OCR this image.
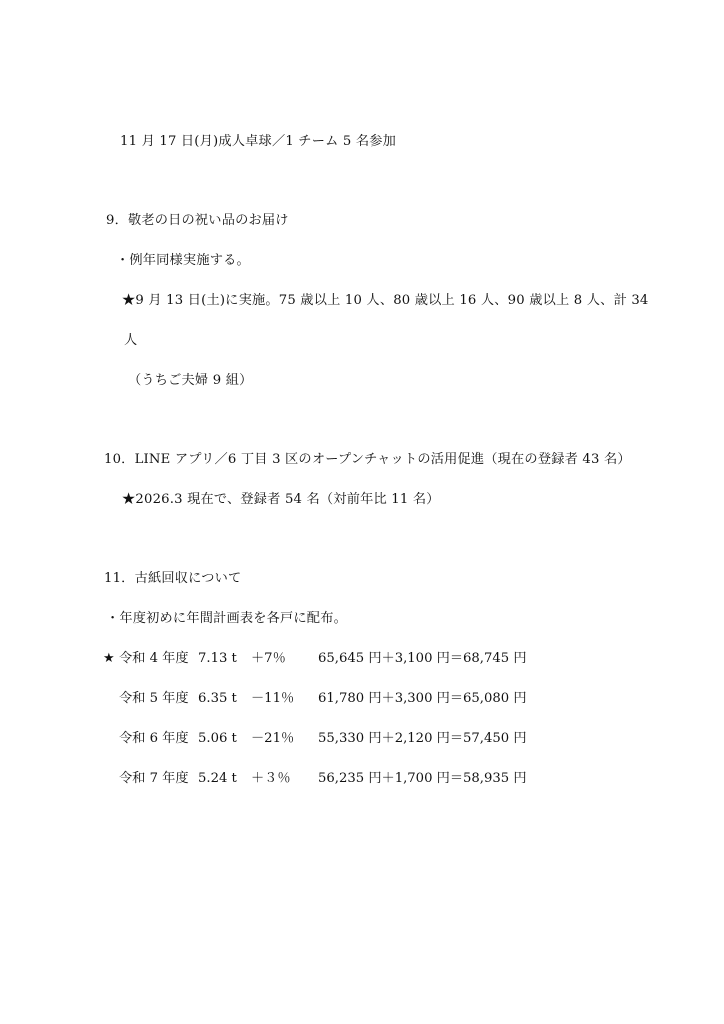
11 月 17 日(月)成人卓球／1 チーム 5 名参加
9．敬老の日の祝い品のお届け
・例年同様実施する。
★9 月 13 日(土)に実施。75 歳以上 10 人、80 歳以上 16 人、90 歳以上 8 人、計 34
人
（うちご夫婦 9 組）
10．LINE アプリ／6 丁目 3 区のオープンチャットの活用促進（現在の登録者 43 名）
★2026.3 現在で、登録者 54 名（対前年比 11 名）
11．古紙回収について
・年度初めに年間計画表を各戸に配布。
★ 令和 4 年度 7.13 t ＋7％ 65,645 円＋3,100 円＝68,745 円
令和 5 年度 6.35 t －11％ 61,780 円＋3,300 円＝65,080 円
令和 6 年度 5.06 t －21％ 55,330 円＋2,120 円＝57,450 円
令和 7 年度 5.24 t ＋３％ 56,235 円＋1,700 円＝58,935 円
